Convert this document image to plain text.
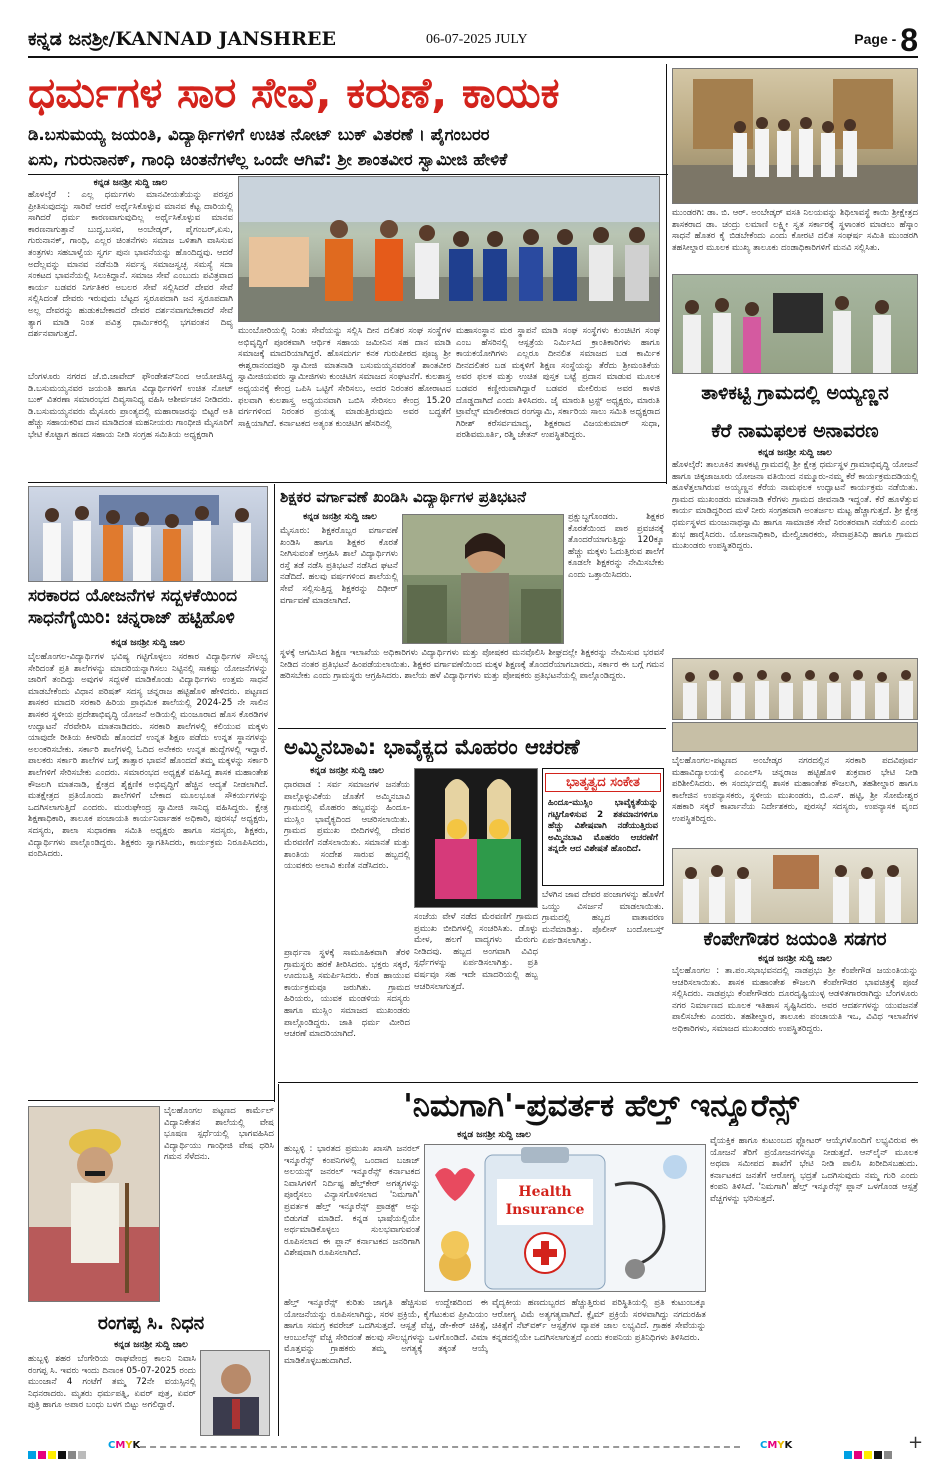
ಕನ್ನಡ ಜನಶ್ರೀ/KANNAD JANSHREE	06-07-2025 JULY	Page - 8
ಧರ್ಮಗಳ ಸಾರ ಸೇವೆ, ಕರುಣೆ, ಕಾಯಕ
ಡಿ.ಬಸುಮಯ್ಯ ಜಯಂತಿ, ವಿದ್ಯಾರ್ಥಿಗಳಿಗೆ ಉಚಿತ ನೋಟ್ ಬುಕ್ ವಿತರಣೆ । ಪೈಗಂಬರರ
ಏಸು, ಗುರುನಾನಕ್, ಗಾಂಧಿ ಚಿಂತನೆಗಳೆಲ್ಲ ಒಂದೇ ಆಗಿವೆ: ಶ್ರೀ ಶಾಂತವೀರ ಸ್ವಾಮೀಜಿ ಹೇಳಿಕೆ
ಕನ್ನಡ ಜನಶ್ರೀ ಸುದ್ದಿ ಜಾಲ
ಹೊಳಲ್ಕೆರೆ : ಎಲ್ಲ ಧರ್ಮಗಳು ಮಾನವೀಯತೆಯನ್ನು ಪರಸ್ಪರ ಪ್ರೀತಿಸುವುದನ್ನು ಸಾರಿವೆ ಆದರೆ ಅರ್ಥೈಸಿಕೊಳ್ಳುವ ಮಾನವ ಕೆಟ್ಟ ದಾರಿಯಲ್ಲಿ ಸಾಗಿದರೆ ಧರ್ಮ ಕಾರಣವಾಗುವುದಿಲ್ಲ ಅರ್ಥೈಸಿಕೊಳ್ಳುವ ಮಾನವ ಕಾರಣನಾಗುತ್ತಾನೆ ಬುದ್ದ,ಬಸವ, ಅಂಬೇಡ್ಕರ್, ಪೈಗಂಬರ್,ಏಸು, ಗುರುನಾನಕ್, ಗಾಂಧಿ, ಎಲ್ಲರ ಚಿಂತನೆಗಳು ಸಮಾಜ ಒಳಿತಾಗಿ ವಾಸಿಸುವ ತಂತ್ರಗಳು ಸಹಬಾಳ್ವೆಯ ಸ್ವರ್ಗ ಪುನಃ ಭಾವನೆಯನ್ನು ಹೊಂದಿದ್ದವು. ಆದರೆ ಅದೆಲ್ಲವನ್ನು ಮಾನವ ನಡೆನುಡಿ ಸರ್ವಸ್ವ ಸಮಾಜಸ್ವಚ್ಛ ಸಮಸ್ಯೆ ಸದಾ ಸಂಕಟದ ಭಾವನೆಯಲ್ಲಿ ಸಿಲುಕಿದ್ದಾನೆ. ಸಮಾಜ ಸೇವೆ ಎಂಬುದು ಪವಿತ್ರವಾದ ಕಾರ್ಯ ಬಡವರ ನಿರ್ಗತಿಕರ ಅಬಲರ ಸೇವೆ ಸಲ್ಲಿಸಿದರೆ ದೇವರ ಸೇವೆ ಸಲ್ಲಿಸಿದಂತೆ ದೇವರು ಇರುವುದು ಬೆಟ್ಟದ ಸ್ವರೂಪದಾಗಿ ಜನ ಸ್ವರೂಪದಾಗಿ ಅಲ್ಲ ದೇವರನ್ನು ಹುಡುಕಬೇಕಾದರೆ ದೇವರ ದರ್ಶನವಾಗಬೇಕಾದರೆ ಸೇವೆ ತ್ಯಾಗ ಮಾಡಿ ನಿಂತ ಪವಿತ್ರ ಧಾರ್ಮಿಕರಲ್ಲಿ ಭಗವಂತನ ದಿವ್ಯ ದರ್ಶನವಾಗುತ್ತದೆ.
ಬೆಂಗಳೂರು ನಗರದ ಜೆ.ಬಿ.ಜಾವೇದ್ ಫೌಂಡೇಶನ್‌ನಿಂದ ಆಯೋಜಿಸಿದ್ದ ಡಿ.ಬಸುಮಯ್ಯನವರ ಜಯಂತಿ ಹಾಗೂ ವಿದ್ಯಾರ್ಥಿಗಳಿಗೆ ಉಚಿತ ನೋಟ್ ಬುಕ್ ವಿತರಣಾ ಸಮಾರಂಭದ ದಿವ್ಯಸಾನಿಧ್ಯ ವಹಿಸಿ ಆಶೀರ್ವಚನ ನೀಡಿದರು. ಡಿ.ಬಸುಮಯ್ಯನವರು ಮೈಸೂರು ಪ್ರಾಂತ್ಯದಲ್ಲಿ ಮಹಾರಾಜರನ್ನು ಬಿಟ್ಟರೆ ಅತಿ ಹೆಚ್ಚು ಸಹಾಯಕರಿವ ದಾನ ಮಾಡಿದಂತ ಮಹನೀಯರು ಗಾಂಧೀಜಿ ಮೈಸೂರಿಗೆ ಭೇಟಿ ಕೊಟ್ಟಾಗ ಹಣದ ಸಹಾಯ ನೀಡಿ ಸಂಗ್ರಹ ಸಮಿತಿಯ ಅಧ್ಯಕ್ಷರಾಗಿ
ಮುಂಬೋರಿಯಲ್ಲಿ ನಿಂತು ಸೇವೆಯನ್ನು ಸಲ್ಲಿಸಿ ದೀನ ದಲಿತರ ಸಂಘ ಸಂಸ್ಥೆಗಳ ಅಭಿವೃದ್ಧಿಗೆ ಪೂರಕವಾಗಿ ಆರ್ಥಿಕ ಸಹಾಯ ಜಮೀನಿನ ಸಹ ದಾನ ಮಾಡಿ ಸಮಾಜಕ್ಕೆ ಮಾದರಿಯಾಗಿದ್ದರೆ. ಹೊಸದುರ್ಗ ಕನಕ ಗುರುಪೀಠದ ಪೂಜ್ಯ ಶ್ರೀ ಈಶ್ವರಾನಂದಪುರಿ ಸ್ವಾಮೀಜಿ ಮಾತನಾಡಿ ಬಸುಮಯ್ಯನವರಂತೆ ಶಾಂತವೀರ ಸ್ವಾಮೀಜಿಯವರು ಸ್ವಾಮೀಜಿಗಳು ಕುಂಚಿಟಿಗ ಸಮಾಜದ ಸಂಘಟನೆಗೆ. ಕುಲಶಾಸ್ತ್ರ ಅಧ್ಯಯನಕ್ಕೆ ಕೇಂದ್ರ ಒಪಿಸಿ ಒಟ್ಟಿಗೆ ಸೇರಿಸಲು, ಅದರ ನಿರಂತರ ಹೋರಾಟದ ಫಲವಾಗಿ ಕುಲಶಾಸ್ತ್ರ ಅಧ್ಯಯನವಾಗಿ ಒಬಿಸಿ ಸೇರಿಸಲು ಕೇಂದ್ರ 15.20 ವರ್ಗಗಳಿಂದ ನಿರಂತರ ಪ್ರಯತ್ನ ಮಾಡುತ್ತಿರುವುದು ಅವರ ಬದ್ಧತೆಗೆ ಸಾಕ್ಷಿಯಾಗಿದೆ. ಕರ್ನಾಟಕದ ಅತ್ಯಂತ ಕುಂಚಿಟಿಗ ಹೆಸರಿನಲ್ಲಿ
ಮಹಾಸಂಸ್ಥಾನ ಮಠ ಸ್ಥಾಪನೆ ಮಾಡಿ ಸಂಘ ಸಂಸ್ಥೆಗಳು ಕುಂಚಿಟಿಗ ಸಂಘ ಎಂಬ ಹೆಸರಿನಲ್ಲಿ ಆಸ್ಪತ್ರೆಯ ನಿರ್ಮಿಸಿದ ಕ್ರಾಂತಿಕಾರಿಗಳು ಹಾಗೂ ಕಾಯಕಯೋಗಿಗಳು ಎಲ್ಲರೂ ದೀನಲಿತ ಸಮಾಜದ ಬಡ ಕಾರ್ಮಿಕ ದೀನದಲಿತರ ಬಡ ಮಕ್ಕಳಿಗೆ ಶಿಕ್ಷಣ ಸಂಸ್ಥೆಯನ್ನು ತೆರೆದು ಶ್ರೀಮಂತಿಕೆಯ ಅವರ ಫಲಕ ಮತ್ತು ಉಚಿತ ಪುಸ್ತಕ ಬಟ್ಟೆ ಪ್ರದಾನ ಮಾಡುವ ಮೂಲಕ ಬಡವರ ಕಣ್ಣೀರುವಾಗಿದ್ದಾರೆ ಬಡವರ ಮೇಲಿರುವ ಅವರ ಕಾಳಜಿ ದೊಡ್ಡದಾಗಿದೆ ಎಂದು ತಿಳಿಸಿದರು. ಜೈ ಮಾರುತಿ ಟ್ರಸ್ಟ್ ಅಧ್ಯಕ್ಷರು, ಮಾರುತಿ ಟ್ರಾವೆಲ್ಸ್ ಮಾಲೀಕರಾದ ರಂಗಸ್ವಾಮಿ, ಸರ್ಕಾರಿಯ ಸಾಲು ಸಮಿತಿ ಅಧ್ಯಕ್ಷರಾದ ಗಿರೀಶ್ ಕರೆಸರ್ವಮಾದ್ಯ, ಶಿಕ್ಷಕರಾದ ವಿಜಯಕುಮಾರ್ ಸುಧಾ, ಪರಶಿವಮೂರ್ತಿ, ರಶ್ಮಿ ಚೇತನ್ ಉಪಸ್ಥಿತರಿದ್ದರು.
ಮುಂಡರಗಿ: ಡಾ. ಬಿ. ಆರ್. ಅಂಬೇಡ್ಕರ್ ವಸತಿ ನಿಲಯವನ್ನು ಶಿಥಿಲಾವಸ್ಥೆ ಕಾಯಿ ಶ್ರೀಕ್ಷೇತ್ರದ ಶಾಸಕರಾದ ಡಾ. ಚಂದ್ರು ಲಮಾಣಿ ಲಕ್ಷ್ಮೀ ಸ್ವತ ಸರ್ಕಾರಕ್ಕೆ ಸ್ಥಳಾಂತರ ಮಾಡಲು ಹೆಸ್ಕಾಂ ಸಾಧನೆ ಹೊತರ ಕೈ ಬಿಡಬೇಕೆಂದು ಎಂದು ಕೋರಟಿ ದಲಿತ ಸಂಘರ್ಷ ಸಮಿತಿ ಮುಂಡರಗಿ ತಹಸೀಲ್ದಾರ ಮೂಲಕ ಮುಖ್ಯ ತಾಲೂಕು ದಂಡಾಧಿಕಾರಿಗಳಿಗೆ ಮನವಿ ಸಲ್ಲಿಸಿತು.
ತಾಳಿಕಟ್ಟಿ ಗ್ರಾಮದಲ್ಲಿ ಅಯ್ಯಣ್ಣನ
ಕೆರೆ ನಾಮಫಲಕ ಅನಾವರಣ
ಕನ್ನಡ ಜನಶ್ರೀ ಸುದ್ದಿ ಜಾಲ
ಹೊಳಲ್ಕೆರೆ: ತಾಲೂಕಿನ ತಾಳಕಟ್ಟಿ ಗ್ರಾಮದಲ್ಲಿ ಶ್ರೀ ಕ್ಷೇತ್ರ ಧರ್ಮಸ್ಥಳ ಗ್ರಾಮಾಭಿವೃದ್ಧಿ ಯೋಜನೆ ಹಾಗೂ ಚಿಕ್ಕಜಾಜೂರು ಯೋಜನಾ ವತಿಯಿಂದ ನಮ್ಮೂರು-ನಮ್ಮ ಕೆರೆ ಕಾರ್ಯಕ್ರಮದಡಿಯಲ್ಲಿ ಹೂಳೆತ್ತಲಾಗಿರುವ ಅಯ್ಯಣ್ಣನ ಕೆರೆಯ ನಾಮಫಲಕ ಉದ್ಘಾಟನೆ ಕಾರ್ಯಕ್ರಮ ನಡೆಯಿತು. ಗ್ರಾಮದ ಮುಖಂಡರು ಮಾತನಾಡಿ ಕೆರೆಗಳು ಗ್ರಾಮದ ಜೀವನಾಡಿ ಇದ್ದಂತೆ. ಕೆರೆ ಹೂಳೆತ್ತುವ ಕಾರ್ಯ ಮಾಡಿದ್ದರಿಂದ ಮಳೆ ನೀರು ಸಂಗ್ರಹವಾಗಿ ಅಂತರ್ಜಲ ಮಟ್ಟ ಹೆಚ್ಚಾಗುತ್ತದೆ. ಶ್ರೀ ಕ್ಷೇತ್ರ ಧರ್ಮಸ್ಥಳದ ಮಂಜುನಾಥಸ್ವಾಮಿ ಹಾಗೂ ಸಾಮಾಜಿಕ ಸೇವೆ ನಿರಂತರವಾಗಿ ನಡೆಯಲಿ ಎಂದು ಶುಭ ಹಾರೈಸಿದರು. ಯೋಜನಾಧಿಕಾರಿ, ಮೇಲ್ವಿಚಾರಕರು, ಸೇವಾಪ್ರತಿನಿಧಿ ಹಾಗೂ ಗ್ರಾಮದ ಮುಖಂಡರು ಉಪಸ್ಥಿತರಿದ್ದರು.
ಸರಕಾರದ ಯೋಜನೆಗಳ ಸದ್ಬಳಕೆಯಿಂದ
ಸಾಧನೆಗೈಯಿರಿ: ಚನ್ನರಾಜ್ ಹಟ್ಟಿಹೊಳಿ
ಕನ್ನಡ ಜನಶ್ರೀ ಸುದ್ದಿ ಜಾಲ
ಬೈಲಹೊಂಗಲ-ವಿದ್ಯಾರ್ಥಿಗಳ ಭವಿಷ್ಯ ಗಟ್ಟಿಗೊಳ್ಳಲು ಸರಕಾರ ವಿದ್ಯಾರ್ಥಿಗಳ ಸೌಲಭ್ಯ ಸೇರಿದಂತೆ ಪ್ರತಿ ಶಾಲೆಗಳನ್ನು ಮಾದರಿಯನ್ನಾಗಿಸಲು ನಿಟ್ಟಿನಲ್ಲಿ ಸಾಕಷ್ಟು ಯೋಜನೆಗಳನ್ನು ಜಾರಿಗೆ ತಂದಿದ್ದು ಅವುಗಳ ಸದ್ಬಳಕೆ ಮಾಡಿಕೊಂಡು ವಿದ್ಯಾರ್ಥಿಗಳು ಉತ್ತಮ ಸಾಧನೆ ಮಾಡಬೇಕೆಂದು ವಿಧಾನ ಪರಿಷತ್ ಸದಸ್ಯ ಚನ್ನರಾಜ ಹಟ್ಟಿಹೊಳಿ ಹೇಳಿದರು. ಪಟ್ಟಣದ ಶಾಸಕರ ಮಾದರಿ ಸರಕಾರಿ ಹಿರಿಯ ಪ್ರಾಥಮಿಕ ಶಾಲೆಯಲ್ಲಿ 2024-25 ನೇ ಸಾಲಿನ ಶಾಸಕರ ಸ್ಥಳೀಯ ಪ್ರದೇಶಾಭಿವೃದ್ಧಿ ಯೋಜನೆ ಅಡಿಯಲ್ಲಿ ಮಂಜೂರಾದ ಹೊಸ ಕೊಠಡಿಗಳ ಉದ್ಘಾಟನೆ ನೆರವೇರಿಸಿ ಮಾತನಾಡಿದರು. ಸರಕಾರಿ ಶಾಲೆಗಳಲ್ಲಿ ಕಲಿಯುವ ಮಕ್ಕಳು ಯಾವುದೇ ರೀತಿಯ ಕೀಳರಿಮೆ ಹೊಂದದೆ ಉನ್ನತ ಶಿಕ್ಷಣ ಪಡೆದು ಉನ್ನತ ಸ್ಥಾನಗಳನ್ನು ಅಲಂಕರಿಸಬೇಕು. ಸರ್ಕಾರಿ ಶಾಲೆಗಳಲ್ಲಿ ಓದಿದ ಅನೇಕರು ಉನ್ನತ ಹುದ್ದೆಗಳಲ್ಲಿ ಇದ್ದಾರೆ. ಪಾಲಕರು ಸರ್ಕಾರಿ ಶಾಲೆಗಳ ಬಗ್ಗೆ ತಾತ್ಸಾರ ಭಾವನೆ ಹೊಂದದೆ ತಮ್ಮ ಮಕ್ಕಳನ್ನು ಸರ್ಕಾರಿ ಶಾಲೆಗಳಿಗೆ ಸೇರಿಸಬೇಕು ಎಂದರು. ಸಮಾರಂಭದ ಅಧ್ಯಕ್ಷತೆ ವಹಿಸಿದ್ದ ಶಾಸಕ ಮಹಾಂತೇಶ ಕೌಜಲಗಿ ಮಾತನಾಡಿ, ಕ್ಷೇತ್ರದ ಶೈಕ್ಷಣಿಕ ಅಭಿವೃದ್ಧಿಗೆ ಹೆಚ್ಚಿನ ಆದ್ಯತೆ ನೀಡಲಾಗಿದೆ. ಮತಕ್ಷೇತ್ರದ ಪ್ರತಿಯೊಂದು ಶಾಲೆಗಳಿಗೆ ಬೇಕಾದ ಮೂಲಭೂತ ಸೌಕರ್ಯಗಳನ್ನು ಒದಗಿಸಲಾಗುತ್ತಿದೆ ಎಂದರು. ಮುರುಘೇಂದ್ರ ಸ್ವಾಮೀಜಿ ಸಾನಿಧ್ಯ ವಹಿಸಿದ್ದರು. ಕ್ಷೇತ್ರ ಶಿಕ್ಷಣಾಧಿಕಾರಿ, ತಾಲೂಕ ಪಂಚಾಯತಿ ಕಾರ್ಯನಿರ್ವಾಹಕ ಅಧಿಕಾರಿ, ಪುರಸಭೆ ಅಧ್ಯಕ್ಷರು, ಸದಸ್ಯರು, ಶಾಲಾ ಸುಧಾರಣಾ ಸಮಿತಿ ಅಧ್ಯಕ್ಷರು ಹಾಗೂ ಸದಸ್ಯರು, ಶಿಕ್ಷಕರು, ವಿದ್ಯಾರ್ಥಿಗಳು ಪಾಲ್ಗೊಂಡಿದ್ದರು. ಶಿಕ್ಷಕರು ಸ್ವಾಗತಿಸಿದರು, ಕಾರ್ಯಕ್ರಮ ನಿರೂಪಿಸಿದರು, ವಂದಿಸಿದರು.
ಶಿಕ್ಷಕರ ವರ್ಗಾವಣೆ ಖಂಡಿಸಿ ವಿದ್ಯಾರ್ಥಿಗಳ ಪ್ರತಿಭಟನೆ
ಕನ್ನಡ ಜನಶ್ರೀ ಸುದ್ದಿ ಜಾಲ
ಮೈಸೂರು: ಶಿಕ್ಷಕರೊಬ್ಬರ ವರ್ಗಾವಣೆ ಖಂಡಿಸಿ ಹಾಗೂ ಶಿಕ್ಷಕರ ಕೊರತೆ ನೀಗಿಸುವಂತೆ ಆಗ್ರಹಿಸಿ ಶಾಲೆ ವಿದ್ಯಾರ್ಥಿಗಳು ರಸ್ತೆ ತಡೆ ನಡೆಸಿ ಪ್ರತಿಭಟನೆ ನಡೆಸಿದ ಘಟನೆ ನಡೆದಿದೆ. ಹಲವು ವರ್ಷಗಳಿಂದ ಶಾಲೆಯಲ್ಲಿ ಸೇವೆ ಸಲ್ಲಿಸುತ್ತಿದ್ದ ಶಿಕ್ಷಕರನ್ನು ದಿಢೀರ್ ವರ್ಗಾವಣೆ ಮಾಡಲಾಗಿದೆ.
ಪ್ರಕ್ಷುಬ್ಧಗೊಂಡರು. ಶಿಕ್ಷಕರ ಕೊರತೆಯಿಂದ ಪಾಠ ಪ್ರವಚನಕ್ಕೆ ತೊಂದರೆಯಾಗುತ್ತಿದ್ದು 120ಕ್ಕೂ ಹೆಚ್ಚು ಮಕ್ಕಳು ಓದುತ್ತಿರುವ ಶಾಲೆಗೆ ಕೂಡಲೇ ಶಿಕ್ಷಕರನ್ನು ನೇಮಿಸಬೇಕು ಎಂದು ಒತ್ತಾಯಿಸಿದರು.
ಸ್ಥಳಕ್ಕೆ ಆಗಮಿಸಿದ ಶಿಕ್ಷಣ ಇಲಾಖೆಯ ಅಧಿಕಾರಿಗಳು ವಿದ್ಯಾರ್ಥಿಗಳು ಮತ್ತು ಪೋಷಕರ ಮನವೊಲಿಸಿ ಶೀಘ್ರದಲ್ಲೇ ಶಿಕ್ಷಕರನ್ನು ನೇಮಿಸುವ ಭರವಸೆ ನೀಡಿದ ನಂತರ ಪ್ರತಿಭಟನೆ ಹಿಂಪಡೆಯಲಾಯಿತು. ಶಿಕ್ಷಕರ ವರ್ಗಾವಣೆಯಿಂದ ಮಕ್ಕಳ ಶಿಕ್ಷಣಕ್ಕೆ ತೊಂದರೆಯಾಗಬಾರದು, ಸರ್ಕಾರ ಈ ಬಗ್ಗೆ ಗಮನ ಹರಿಸಬೇಕು ಎಂದು ಗ್ರಾಮಸ್ಥರು ಆಗ್ರಹಿಸಿದರು. ಶಾಲೆಯ ಹಳೆ ವಿದ್ಯಾರ್ಥಿಗಳು ಮತ್ತು ಪೋಷಕರು ಪ್ರತಿಭಟನೆಯಲ್ಲಿ ಪಾಲ್ಗೊಂಡಿದ್ದರು.
ಬೈಲಹೊಂಗಲ-ಪಟ್ಟಣದ ಅಂಬೇಡ್ಕರ ನಗರದಲ್ಲಿನ ಸರಕಾರಿ ಪದವಿಪೂರ್ವ ಮಹಾವಿದ್ಯಾಲಯಕ್ಕೆ ಎಂಎಲ್‌ಸಿ ಚನ್ನರಾಜ ಹಟ್ಟಿಹೊಳಿ ಶುಕ್ರವಾರ ಭೇಟಿ ನೀಡಿ ಪರಿಶೀಲಿಸಿದರು. ಈ ಸಂದರ್ಭದಲ್ಲಿ ಶಾಸಕ ಮಹಾಂತೇಶ ಕೌಜಲಗಿ, ತಹಶೀಲ್ದಾರ ಹಾಗೂ ಕಾಲೇಜಿನ ಉಪನ್ಯಾಸಕರು, ಸ್ಥಳೀಯ ಮುಖಂಡರು, ಬಿ.ಎಸ್. ಹಟ್ಟಿ, ಶ್ರೀ ಸೋಮೇಶ್ವರ ಸಹಕಾರಿ ಸಕ್ಕರೆ ಕಾರ್ಖಾನೆಯ ನಿರ್ದೇಶಕರು, ಪುರಸಭೆ ಸದಸ್ಯರು, ಉಪನ್ಯಾಸಕ ವೃಂದ ಉಪಸ್ಥಿತರಿದ್ದರು.
ಅಮ್ಮಿನಬಾವಿ: ಭಾವೈಕ್ಯದ ಮೊಹರಂ ಆಚರಣೆ
ಕನ್ನಡ ಜನಶ್ರೀ ಸುದ್ದಿ ಜಾಲ
ಧಾರವಾಡ : ಸರ್ವ ಸಮಾಜಗಳ ಜನತೆಯ ಪಾಲ್ಗೊಳ್ಳುವಿಕೆಯ ಜೊತೆಗೆ ಅಮ್ಮಿನಬಾವಿ ಗ್ರಾಮದಲ್ಲಿ ಮೊಹರಂ ಹಬ್ಬವನ್ನು ಹಿಂದೂ-ಮುಸ್ಲಿಂ ಭಾವೈಕ್ಯದಿಂದ ಆಚರಿಸಲಾಯಿತು. ಗ್ರಾಮದ ಪ್ರಮುಖ ಬೀದಿಗಳಲ್ಲಿ ದೇವರ ಮೆರವಣಿಗೆ ನಡೆಸಲಾಯಿತು. ಸಮಾನತೆ ಮತ್ತು ಶಾಂತಿಯ ಸಂದೇಶ ಸಾರುವ ಹಬ್ಬದಲ್ಲಿ ಯುವಕರು ಅಲಾವಿ ಕುಣಿತ ನಡೆಸಿದರು.
ಪ್ರಾರ್ಥನಾ ಸ್ಥಳಕ್ಕೆ ಸಾಮೂಹಿಕವಾಗಿ ತೆರಳಿ ಗ್ರಾಮಸ್ಥರು ಹರಕೆ ತೀರಿಸಿದರು. ಭಕ್ತರು ಸಕ್ಕರೆ, ಊದುಬತ್ತಿ ಸಮರ್ಪಿಸಿದರು. ಕೆಂಡ ಹಾಯುವ ಕಾರ್ಯಕ್ರಮವೂ ಜರುಗಿತು. ಗ್ರಾಮದ ಹಿರಿಯರು, ಯುವಕ ಮಂಡಳಿಯ ಸದಸ್ಯರು ಹಾಗೂ ಮುಸ್ಲಿಂ ಸಮಾಜದ ಮುಖಂಡರು ಪಾಲ್ಗೊಂಡಿದ್ದರು. ಜಾತಿ ಧರ್ಮ ಮೀರಿದ ಆಚರಣೆ ಮಾದರಿಯಾಗಿದೆ.
ಭಾತೃತ್ವದ ಸಂಕೇತ
ಹಿಂದೂ-ಮುಸ್ಲಿಂ ಭಾವೈಕ್ಯತೆಯನ್ನು ಗಟ್ಟಿಗೊಳಿಸುವ 2 ಶತಮಾನಗಳಿಗೂ ಹೆಚ್ಚು ವಿಶೇಷವಾಗಿ ನಡೆಯುತ್ತಿರುವ ಅಮ್ಮಿನಬಾವಿ ಮೊಹರಂ ಆಚರಣೆಗೆ ತನ್ನದೇ ಆದ ವಿಶೇಷತೆ ಹೊಂದಿದೆ.
ಸಂಜೆಯ ವೇಳೆ ನಡೆದ ಮೆರವಣಿಗೆ ಗ್ರಾಮದ ಪ್ರಮುಖ ಬೀದಿಗಳಲ್ಲಿ ಸಂಚರಿಸಿತು. ಡೊಳ್ಳು ಮೇಳ, ಹಲಗೆ ವಾದ್ಯಗಳು ಮೆರುಗು ನೀಡಿದವು. ಹಬ್ಬದ ಅಂಗವಾಗಿ ವಿವಿಧ ಸ್ಪರ್ಧೆಗಳನ್ನು ಏರ್ಪಡಿಸಲಾಗಿತ್ತು. ಪ್ರತಿ ವರ್ಷವೂ ಸಹ ಇದೇ ಮಾದರಿಯಲ್ಲಿ ಹಬ್ಬ ಆಚರಿಸಲಾಗುತ್ತದೆ.
ಬೆಳಗಿನ ಜಾವ ದೇವರ ಪಂಜಾಗಳನ್ನು ಹೊಳೆಗೆ ಒಯ್ದು ವಿಸರ್ಜನೆ ಮಾಡಲಾಯಿತು. ಗ್ರಾಮದಲ್ಲಿ ಹಬ್ಬದ ವಾತಾವರಣ ಮನೆಮಾಡಿತ್ತು. ಪೊಲೀಸ್ ಬಂದೋಬಸ್ತ್ ಏರ್ಪಡಿಸಲಾಗಿತ್ತು.	ಕೆಂಪೇಗೌಡರ ಜಯಂತಿ ಸಡಗರ
ಕನ್ನಡ ಜನಶ್ರೀ ಸುದ್ದಿ ಜಾಲ
ಬೈಲಹೊಂಗಲ : ತಾ.ಪಂ.ಸಭಾಭವನದಲ್ಲಿ ನಾಡಪ್ರಭು ಶ್ರೀ ಕೆಂಪೇಗೌಡ ಜಯಂತಿಯನ್ನು ಆಚರಿಸಲಾಯಿತು. ಶಾಸಕ ಮಹಾಂತೇಶ ಕೌಜಲಗಿ ಕೆಂಪೇಗೌಡರ ಭಾವಚಿತ್ರಕ್ಕೆ ಪೂಜೆ ಸಲ್ಲಿಸಿದರು. ನಾಡಪ್ರಭು ಕೆಂಪೇಗೌಡರು ದೂರದೃಷ್ಟಿಯುಳ್ಳ ಆಡಳಿತಗಾರರಾಗಿದ್ದು ಬೆಂಗಳೂರು ನಗರ ನಿರ್ಮಾಣದ ಮೂಲಕ ಇತಿಹಾಸ ಸೃಷ್ಟಿಸಿದರು. ಅವರ ಆದರ್ಶಗಳನ್ನು ಯುವಜನತೆ ಪಾಲಿಸಬೇಕು ಎಂದರು. ತಹಶೀಲ್ದಾರ, ತಾಲೂಕು ಪಂಚಾಯತಿ ಇಒ, ವಿವಿಧ ಇಲಾಖೆಗಳ ಅಧಿಕಾರಿಗಳು, ಸಮಾಜದ ಮುಖಂಡರು ಉಪಸ್ಥಿತರಿದ್ದರು.
ಬೈಲಹೊಂಗಲ ಪಟ್ಟಣದ ಕಾರ್ಮೆಲ್ ವಿದ್ಯಾನಿಕೇತನ ಶಾಲೆಯಲ್ಲಿ ವೇಷ ಭೂಷಣ ಸ್ಪರ್ಧೆಯಲ್ಲಿ ಭಾಗವಹಿಸಿದ ವಿದ್ಯಾರ್ಥಿಯು ಗಾಂಧೀಜಿ ವೇಷ ಧರಿಸಿ ಗಮನ ಸೆಳೆದನು.
ರಂಗಪ್ಪ ಸಿ. ನಿಧನ
ಕನ್ನಡ ಜನಶ್ರೀ ಸುದ್ದಿ ಜಾಲ
ಹುಬ್ಬಳ್ಳಿ ಶಹರ ಬೆಂಗೇರಿಯ ರಾಘವೇಂದ್ರ ಕಾಲನಿ ನಿವಾಸಿ ರಂಗಪ್ಪ ಸಿ. ಇವರು ಇಂದು ದಿನಾಂಕ 05-07-2025 ರಂದು ಮುಂಜಾನೆ 4 ಗಂಟೆಗೆ ತಮ್ಮ 72ನೇ ವಯಸ್ಸಿನಲ್ಲಿ ನಿಧನರಾದರು. ಮೃತರು ಧರ್ಮಪತ್ನಿ, ಏವರ್ ಪುತ್ರ, ಏವರ್ ಪುತ್ರಿ ಹಾಗೂ ಅಪಾರ ಬಂಧು ಬಳಗ ಬಿಟ್ಟು ಅಗಲಿದ್ದಾರೆ.
'ನಿಮಗಾಗಿ'-ಪ್ರವರ್ತಕ ಹೆಲ್ತ್ ಇನ್ಶೂರೆನ್ಸ್
ಕನ್ನಡ ಜನಶ್ರೀ ಸುದ್ದಿ ಜಾಲ
ಹುಬ್ಬಳ್ಳಿ : ಭಾರತದ ಪ್ರಮುಖ ಖಾಸಗಿ ಜನರಲ್ ಇನ್ಶೂರೆನ್ಸ್ ಕಂಪನಿಗಳಲ್ಲಿ ಒಂದಾದ ಬಜಾಜ್ ಅಲಯನ್ಸ್ ಜನರಲ್ ಇನ್ಶೂರೆನ್ಸ್ ಕರ್ನಾಟಕದ ನಿವಾಸಿಗಳಿಗೆ ನಿರ್ದಿಷ್ಟ ಹೆಲ್ತ್‌ಕೇರ್ ಅಗತ್ಯಗಳನ್ನು ಪೂರೈಸಲು ವಿನ್ಯಾಸಗೊಳಿಸಲಾದ 'ನಿಮಗಾಗಿ' ಪ್ರವರ್ತಕ ಹೆಲ್ತ್ ಇನ್ಶೂರೆನ್ಸ್ ಪ್ರಾಡಕ್ಟ್ ಅನ್ನು ಬಿಡುಗಡೆ ಮಾಡಿದೆ. ಕನ್ನಡ ಭಾಷೆಯಲ್ಲಿಯೇ ಅರ್ಥಮಾಡಿಕೊಳ್ಳಲು ಸುಲಭವಾಗುವಂತೆ ರೂಪಿಸಲಾದ ಈ ಪ್ಲಾನ್ ಕರ್ನಾಟಕದ ಜನರಿಗಾಗಿ ವಿಶೇಷವಾಗಿ ರೂಪಿಸಲಾಗಿದೆ.
Health Insurance
ವೈಯಕ್ತಿಕ ಹಾಗೂ ಕುಟುಂಬದ ಫ್ಲೋಟರ್ ಆಯ್ಕೆಗಳೊಂದಿಗೆ ಲಭ್ಯವಿರುವ ಈ ಯೋಜನೆ ತೆರಿಗೆ ಪ್ರಯೋಜನಗಳನ್ನೂ ನೀಡುತ್ತದೆ. ಆನ್‌ಲೈನ್ ಮೂಲಕ ಅಥವಾ ಸಮೀಪದ ಶಾಖೆಗೆ ಭೇಟಿ ನೀಡಿ ಪಾಲಿಸಿ ಖರೀದಿಸಬಹುದು. ಕರ್ನಾಟಕದ ಜನತೆಗೆ ಆರೋಗ್ಯ ಭದ್ರತೆ ಒದಗಿಸುವುದು ನಮ್ಮ ಗುರಿ ಎಂದು ಕಂಪನಿ ತಿಳಿಸಿದೆ. 'ನಿಮಗಾಗಿ' ಹೆಲ್ತ್ ಇನ್ಶೂರೆನ್ಸ್ ಪ್ಲಾನ್ ಒಳಗೊಂಡ ಆಸ್ಪತ್ರೆ ವೆಚ್ಚಗಳನ್ನು ಭರಿಸುತ್ತದೆ.
ಹೆಲ್ತ್ ಇನ್ಶೂರೆನ್ಸ್ ಕುರಿತು ಜಾಗೃತಿ ಹೆಚ್ಚಿಸುವ ಉದ್ದೇಶದಿಂದ ಈ ಯೋಜನೆಯನ್ನು ರೂಪಿಸಲಾಗಿದ್ದು, ಸರಳ ಪ್ರಕ್ರಿಯೆ, ಕೈಗೆಟುಕುವ ಪ್ರೀಮಿಯಂ ಹಾಗೂ ಸಮಗ್ರ ಕವರೇಜ್ ಒದಗಿಸುತ್ತದೆ. ಆಸ್ಪತ್ರೆ ವೆಚ್ಚ, ಡೇ-ಕೇರ್ ಚಿಕಿತ್ಸೆ, ಆಂಬುಲೆನ್ಸ್ ವೆಚ್ಚ ಸೇರಿದಂತೆ ಹಲವು ಸೌಲಭ್ಯಗಳನ್ನು ಒಳಗೊಂಡಿದೆ. ವಿಮಾ ಮೊತ್ತವನ್ನು ಗ್ರಾಹಕರು ತಮ್ಮ ಅಗತ್ಯಕ್ಕೆ ತಕ್ಕಂತೆ ಆಯ್ಕೆ ಮಾಡಿಕೊಳ್ಳಬಹುದಾಗಿದೆ.
ವೈದ್ಯಕೀಯ ಹಣದುಬ್ಬರದ ಹೆಚ್ಚುತ್ತಿರುವ ಪರಿಸ್ಥಿತಿಯಲ್ಲಿ ಪ್ರತಿ ಕುಟುಂಬಕ್ಕೂ ಆರೋಗ್ಯ ವಿಮೆ ಅತ್ಯಗತ್ಯವಾಗಿದೆ. ಕ್ಲೈಮ್ ಪ್ರಕ್ರಿಯೆ ಸರಳವಾಗಿದ್ದು ನಗದುರಹಿತ ಚಿಕಿತ್ಸೆಗೆ ನೆಟ್‌ವರ್ಕ್ ಆಸ್ಪತ್ರೆಗಳ ವ್ಯಾಪಕ ಜಾಲ ಲಭ್ಯವಿದೆ. ಗ್ರಾಹಕ ಸೇವೆಯನ್ನು ಕನ್ನಡದಲ್ಲಿಯೇ ಒದಗಿಸಲಾಗುತ್ತದೆ ಎಂದು ಕಂಪನಿಯ ಪ್ರತಿನಿಧಿಗಳು ತಿಳಿಸಿದರು.
CMYK	CMYK	+
